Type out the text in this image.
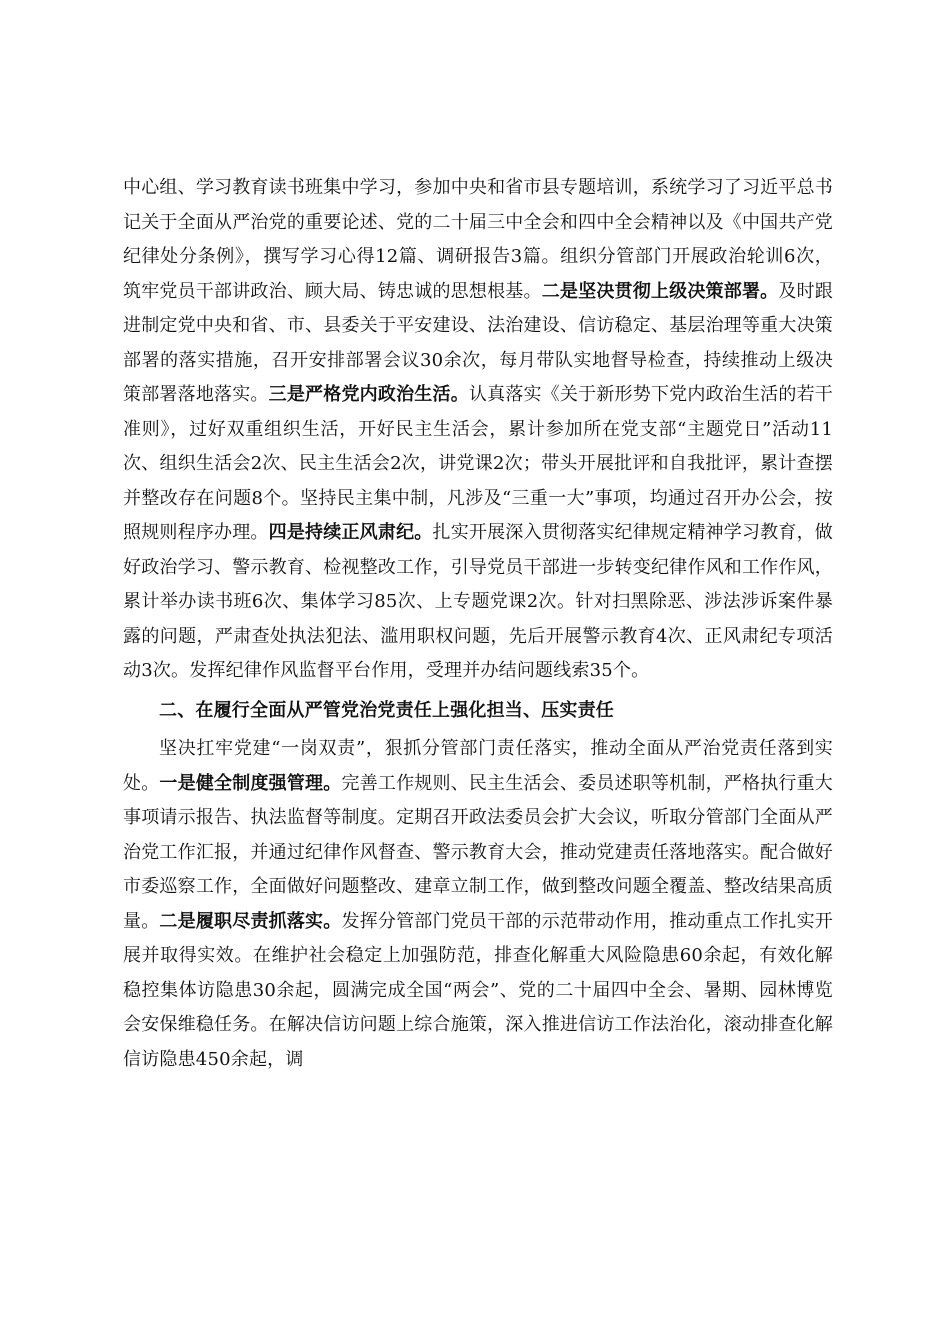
中心组、学习教育读书班集中学习，参加中央和省市县专题培训，系统学习了习近平总书记关于全面从严治党的重要论述、党的二十届三中全会和四中全会精神以及《中国共产党纪律处分条例》，撰写学习心得12篇、调研报告3篇。组织分管部门开展政治轮训6次，筑牢党员干部讲政治、顾大局、铸忠诚的思想根基。二是坚决贯彻上级决策部署。及时跟进制定党中央和省、市、县委关于平安建设、法治建设、信访稳定、基层治理等重大决策部署的落实措施，召开安排部署会议30余次，每月带队实地督导检查，持续推动上级决策部署落地落实。三是严格党内政治生活。认真落实《关于新形势下党内政治生活的若干准则》，过好双重组织生活，开好民主生活会，累计参加所在党支部“主题党日”活动11次、组织生活会2次、民主生活会2次，讲党课2次；带头开展批评和自我批评，累计查摆并整改存在问题8个。坚持民主集中制，凡涉及“三重一大”事项，均通过召开办公会，按照规则程序办理。四是持续正风肃纪。扎实开展深入贯彻落实纪律规定精神学习教育，做好政治学习、警示教育、检视整改工作，引导党员干部进一步转变纪律作风和工作作风，累计举办读书班6次、集体学习85次、上专题党课2次。针对扫黑除恶、涉法涉诉案件暴露的问题，严肃查处执法犯法、滥用职权问题，先后开展警示教育4次、正风肃纪专项活动3次。发挥纪律作风监督平台作用，受理并办结问题线索35个。

二、在履行全面从严管党治党责任上强化担当、压实责任

坚决扛牢党建“一岗双责”，狠抓分管部门责任落实，推动全面从严治党责任落到实处。一是健全制度强管理。完善工作规则、民主生活会、委员述职等机制，严格执行重大事项请示报告、执法监督等制度。定期召开政法委员会扩大会议，听取分管部门全面从严治党工作汇报，并通过纪律作风督查、警示教育大会，推动党建责任落地落实。配合做好市委巡察工作，全面做好问题整改、建章立制工作，做到整改问题全覆盖、整改结果高质量。二是履职尽责抓落实。发挥分管部门党员干部的示范带动作用，推动重点工作扎实开展并取得实效。在维护社会稳定上加强防范，排查化解重大风险隐患60余起，有效化解稳控集体访隐患30余起，圆满完成全国“两会”、党的二十届四中全会、暑期、园林博览会安保维稳任务。在解决信访问题上综合施策，深入推进信访工作法治化，滚动排查化解信访隐患450余起，调
